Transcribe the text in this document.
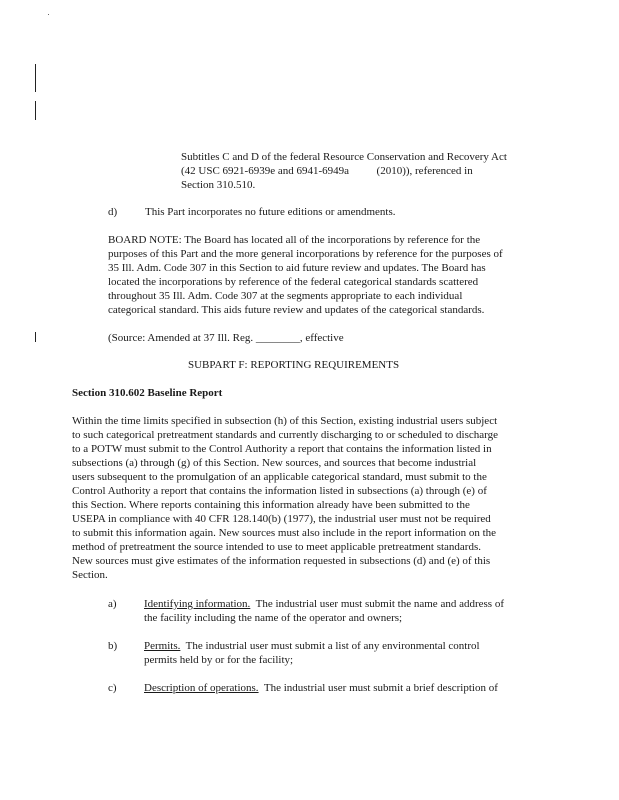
Subtitles C and D of the federal Resource Conservation and Recovery Act

(42 USC 6921-6939e and 6941-6949a          (2010)), referenced in

Section 310.510.

d)	This Part incorporates no future editions or amendments.

BOARD NOTE: The Board has located all of the incorporations by reference for the

purposes of this Part and the more general incorporations by reference for the purposes of

35 Ill. Adm. Code 307 in this Section to aid future review and updates. The Board has

located the incorporations by reference of the federal categorical standards scattered

throughout 35 Ill. Adm. Code 307 at the segments appropriate to each individual

categorical standard. This aids future review and updates of the categorical standards.

(Source: Amended at 37 Ill. Reg. ________, effective

SUBPART F: REPORTING REQUIREMENTS

Section 310.602 Baseline Report

Within the time limits specified in subsection (h) of this Section, existing industrial users subject

to such categorical pretreatment standards and currently discharging to or scheduled to discharge

to a POTW must submit to the Control Authority a report that contains the information listed in

subsections (a) through (g) of this Section. New sources, and sources that become industrial

users subsequent to the promulgation of an applicable categorical standard, must submit to the

Control Authority a report that contains the information listed in subsections (a) through (e) of

this Section. Where reports containing this information already have been submitted to the

USEPA in compliance with 40 CFR 128.140(b) (1977), the industrial user must not be required

to submit this information again. New sources must also include in the report information on the

method of pretreatment the source intended to use to meet applicable pretreatment standards.

New sources must give estimates of the information requested in subsections (d) and (e) of this

Section.

a) Identifying information.  The industrial user must submit the name and address of

the facility including the name of the operator and owners;

b) Permits.  The industrial user must submit a list of any environmental control

permits held by or for the facility;

c) Description of operations.  The industrial user must submit a brief description of
